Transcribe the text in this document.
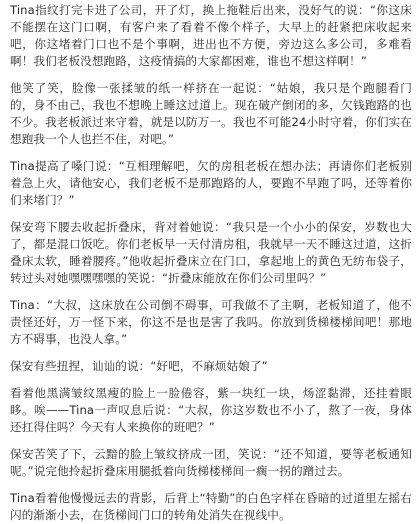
Tina指纹打完卡进了公司，开了灯，换上拖鞋后出来，没好气的说：“你这床不能摆在这门口啊，有客户来了看着不像个样子，大早上的赶紧把床收起来吧，你这堵着门口也不是个事啊，进出也不方便，旁边这么多公司，多难看啊！我们老板没想跑路，这疫情搞的大家都困难，谁也不想这样啊！”

他笑了笑，脸像一张揉皱的纸一样挤在一起说：“姑娘，我只是个跑腿看门的，身不由己，我也不想晚上睡这过道上。现在破产倒闭的多，欠钱跑路的也不少。我老板派过来守着，就是以防万一。我也不可能24小时守着，你们实在想跑我一个人也拦不住，对吧。”

Tina提高了嗓门说：“互相理解吧，欠的房租老板在想办法；再请你们老板别着急上火，请他安心，我们老板不是那跑路的人，要跑不早跑了吗，还等着你们来堵门？”

保安弯下腰去收起折叠床，背对着她说：“我只是一个小小的保安，岁数也大了，都是混口饭吃。你们老板早一天付清房租，我就早一天不睡这过道，这折叠床太软，睡着腰疼。”他收起折叠床立在门口，拿起地上的黄色无纺布袋子，转过头对她嘿嘿嘿嘿的笑说：“折叠床能放在你们公司里吗？”

Tina：“大叔，这床放在公司倒不碍事，可我做不了主啊，老板知道了，他不责怪还好，万一怪下来，你这不是也是害了我吗。你放到货梯楼梯间吧！那地方不碍事，也没人拿。”

保安有些扭捏，讪讪的说：“好吧，不麻烦姑娘了”

看着他黑满皱纹黑瘦的脸上一脸倦容，紫一块红一块，炀涩黏滞，还挂着眼眵。唉——Tina一声叹息后说：“大叔，你这岁数也不小了，熬了一夜，身体还扛得住吗？今天有人来换你的班吧？”

保安苦笑了下，云黯的脸上皱纹挤成一团，笑说：“还不知道，要等老板通知呢。”说完他拎起折叠床用腿抵着向货梯楼梯间一瘸一拐的蹭过去。

Tina看着他慢慢远去的背影，后背上“特勤”的白色字样在昏暗的过道里左摇右闪的渐渐小去，在货梯间门口的转角处消失在视线中。
